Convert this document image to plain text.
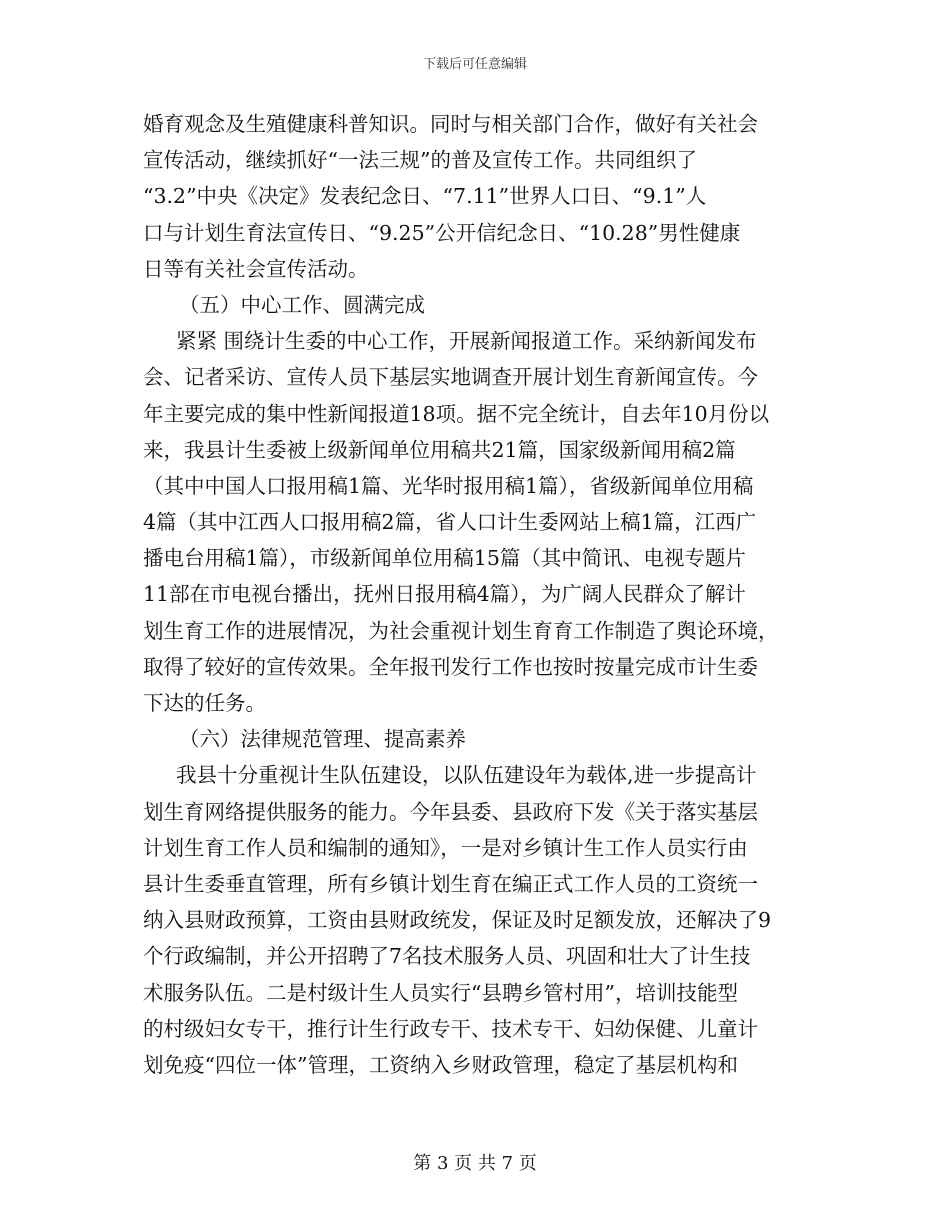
下载后可任意编辑
婚育观念及生殖健康科普知识。同时与相关部门合作，做好有关社会
宣传活动，继续抓好“一法三规”的普及宣传工作。共同组织了
“3.2”中央《决定》发表纪念日、“7.11”世界人口日、“9.1”人
口与计划生育法宣传日、“9.25”公开信纪念日、“10.28”男性健康
日等有关社会宣传活动。
（五）中心工作、圆满完成
紧紧 围绕计生委的中心工作，开展新闻报道工作。采纳新闻发布
会、记者采访、宣传人员下基层实地调查开展计划生育新闻宣传。今
年主要完成的集中性新闻报道18项。据不完全统计，自去年10月份以
来，我县计生委被上级新闻单位用稿共21篇，国家级新闻用稿2篇
（其中中国人口报用稿1篇、光华时报用稿1篇），省级新闻单位用稿
4篇（其中江西人口报用稿2篇，省人口计生委网站上稿1篇，江西广
播电台用稿1篇），市级新闻单位用稿15篇（其中简讯、电视专题片
11部在市电视台播出，抚州日报用稿4篇），为广阔人民群众了解计
划生育工作的进展情况，为社会重视计划生育育工作制造了舆论环境，
取得了较好的宣传效果。全年报刊发行工作也按时按量完成市计生委
下达的任务。
（六）法律规范管理、提高素养
我县十分重视计生队伍建设，以队伍建设年为载体,进一步提高计
划生育网络提供服务的能力。今年县委、县政府下发《关于落实基层
计划生育工作人员和编制的通知》，一是对乡镇计生工作人员实行由
县计生委垂直管理，所有乡镇计划生育在编正式工作人员的工资统一
纳入县财政预算，工资由县财政统发，保证及时足额发放，还解决了9
个行政编制，并公开招聘了7名技术服务人员、巩固和壮大了计生技
术服务队伍。二是村级计生人员实行“县聘乡管村用”，培训技能型
的村级妇女专干，推行计生行政专干、技术专干、妇幼保健、儿童计
划免疫“四位一体”管理，工资纳入乡财政管理，稳定了基层机构和
第 3 页 共 7 页
